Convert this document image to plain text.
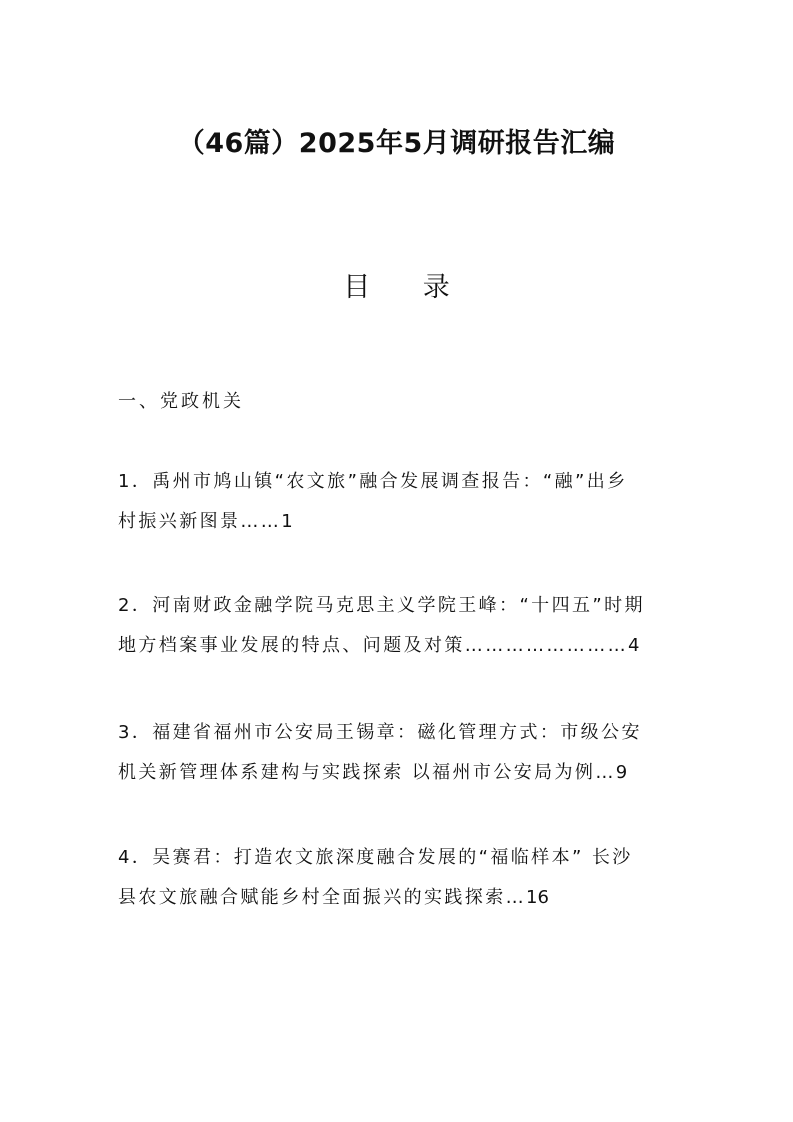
（46篇）2025年5月调研报告汇编
目 录
一、党政机关
1．禹州市鸠山镇“农文旅”融合发展调查报告：“融”出乡
村振兴新图景……1
2．河南财政金融学院马克思主义学院王峰：“十四五”时期
地方档案事业发展的特点、问题及对策……………………4
3．福建省福州市公安局王锡章：磁化管理方式：市级公安
机关新管理体系建构与实践探索 以福州市公安局为例…9
4．吴赛君：打造农文旅深度融合发展的“福临样本” 长沙
县农文旅融合赋能乡村全面振兴的实践探索…16
